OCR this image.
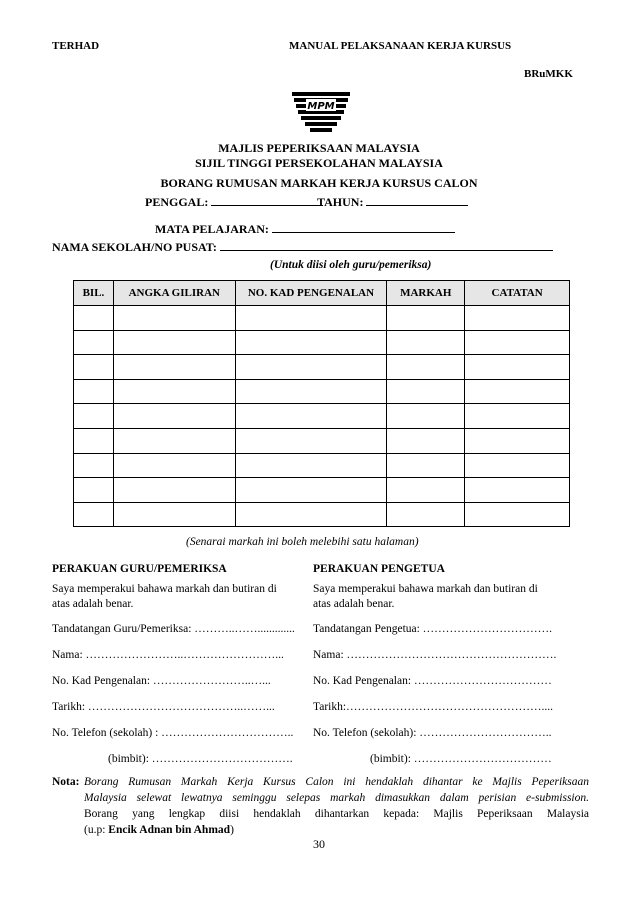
TERHAD	MANUAL PELAKSANAAN KERJA KURSUS
BRuMKK
MPM
MAJLIS PEPERIKSAAN MALAYSIA
SIJIL TINGGI PERSEKOLAHAN MALAYSIA
BORANG RUMUSAN MARKAH KERJA KURSUS CALON
PENGGAL:	TAHUN:
MATA PELAJARAN:
NAMA SEKOLAH/NO PUSAT:
(Untuk diisi oleh guru/pemeriksa)
BIL.	ANGKA GILIRAN	NO. KAD PENGENALAN	MARKAH	CATATAN

(Senarai markah ini boleh melebihi satu halaman)
PERAKUAN GURU/PEMERIKSA
Saya memperakui bahawa markah dan butiran di
atas adalah benar.
Tandatangan Guru/Pemeriksa: ………..…….............
Nama: ……………………..……………………...
No. Kad Pengenalan: ……………………..…...
Tarikh: …………………………………..……...
No. Telefon (sekolah) : ……………………………..
(bimbit): ……………………………….
PERAKUAN PENGETUA
Saya memperakui bahawa markah dan butiran di
atas adalah benar.
Tandatangan Pengetua: …………………………….
Nama: ……………………………………………….
No. Kad Pengenalan: ………………………………
Tarikh:……………………………………………....
No. Telefon (sekolah): ……………………………..
(bimbit): ………………………………
Nota: Borang Rumusan Markah Kerja Kursus Calon ini hendaklah dihantar ke Majlis Peperiksaan
Malaysia selewat lewatnya seminggu selepas markah dimasukkan dalam perisian e-submission.
Borang yang lengkap diisi hendaklah dihantarkan kepada: Majlis Peperiksaan Malaysia
(u.p: Encik Adnan bin Ahmad)
30
